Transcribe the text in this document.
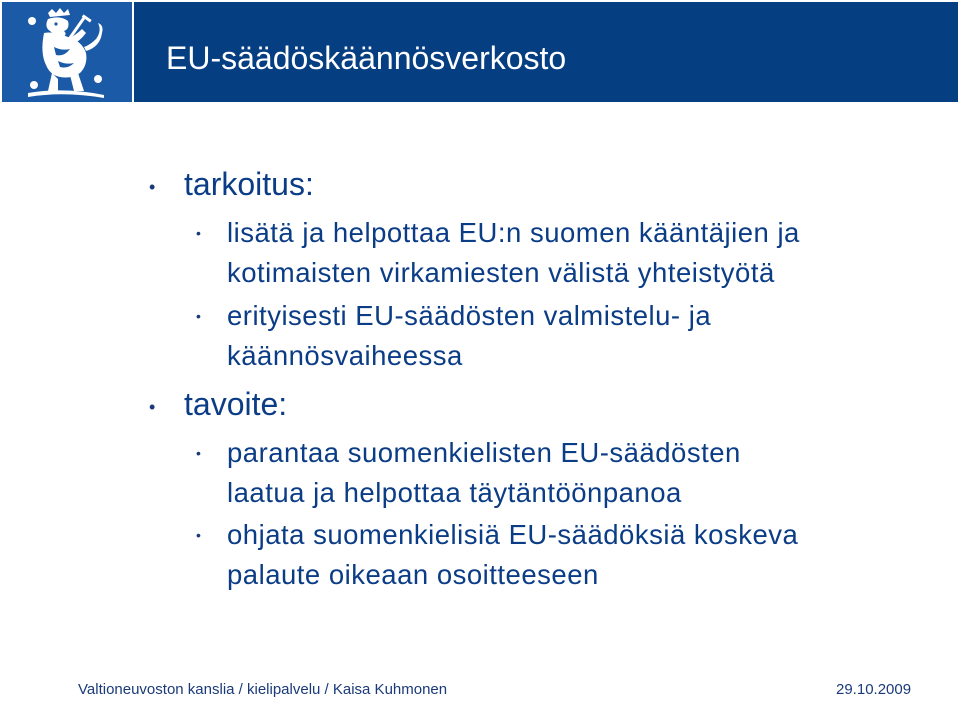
EU-säädöskäännösverkosto
• tarkoitus:
• lisätä ja helpottaa EU:n suomen kääntäjien ja
kotimaisten virkamiesten välistä yhteistyötä
• erityisesti EU-säädösten valmistelu- ja
käännösvaiheessa
• tavoite:
• parantaa suomenkielisten EU-säädösten
laatua ja helpottaa täytäntöönpanoa
• ohjata suomenkielisiä EU-säädöksiä koskeva
palaute oikeaan osoitteeseen
Valtioneuvoston kanslia / kielipalvelu / Kaisa Kuhmonen	29.10.2009
